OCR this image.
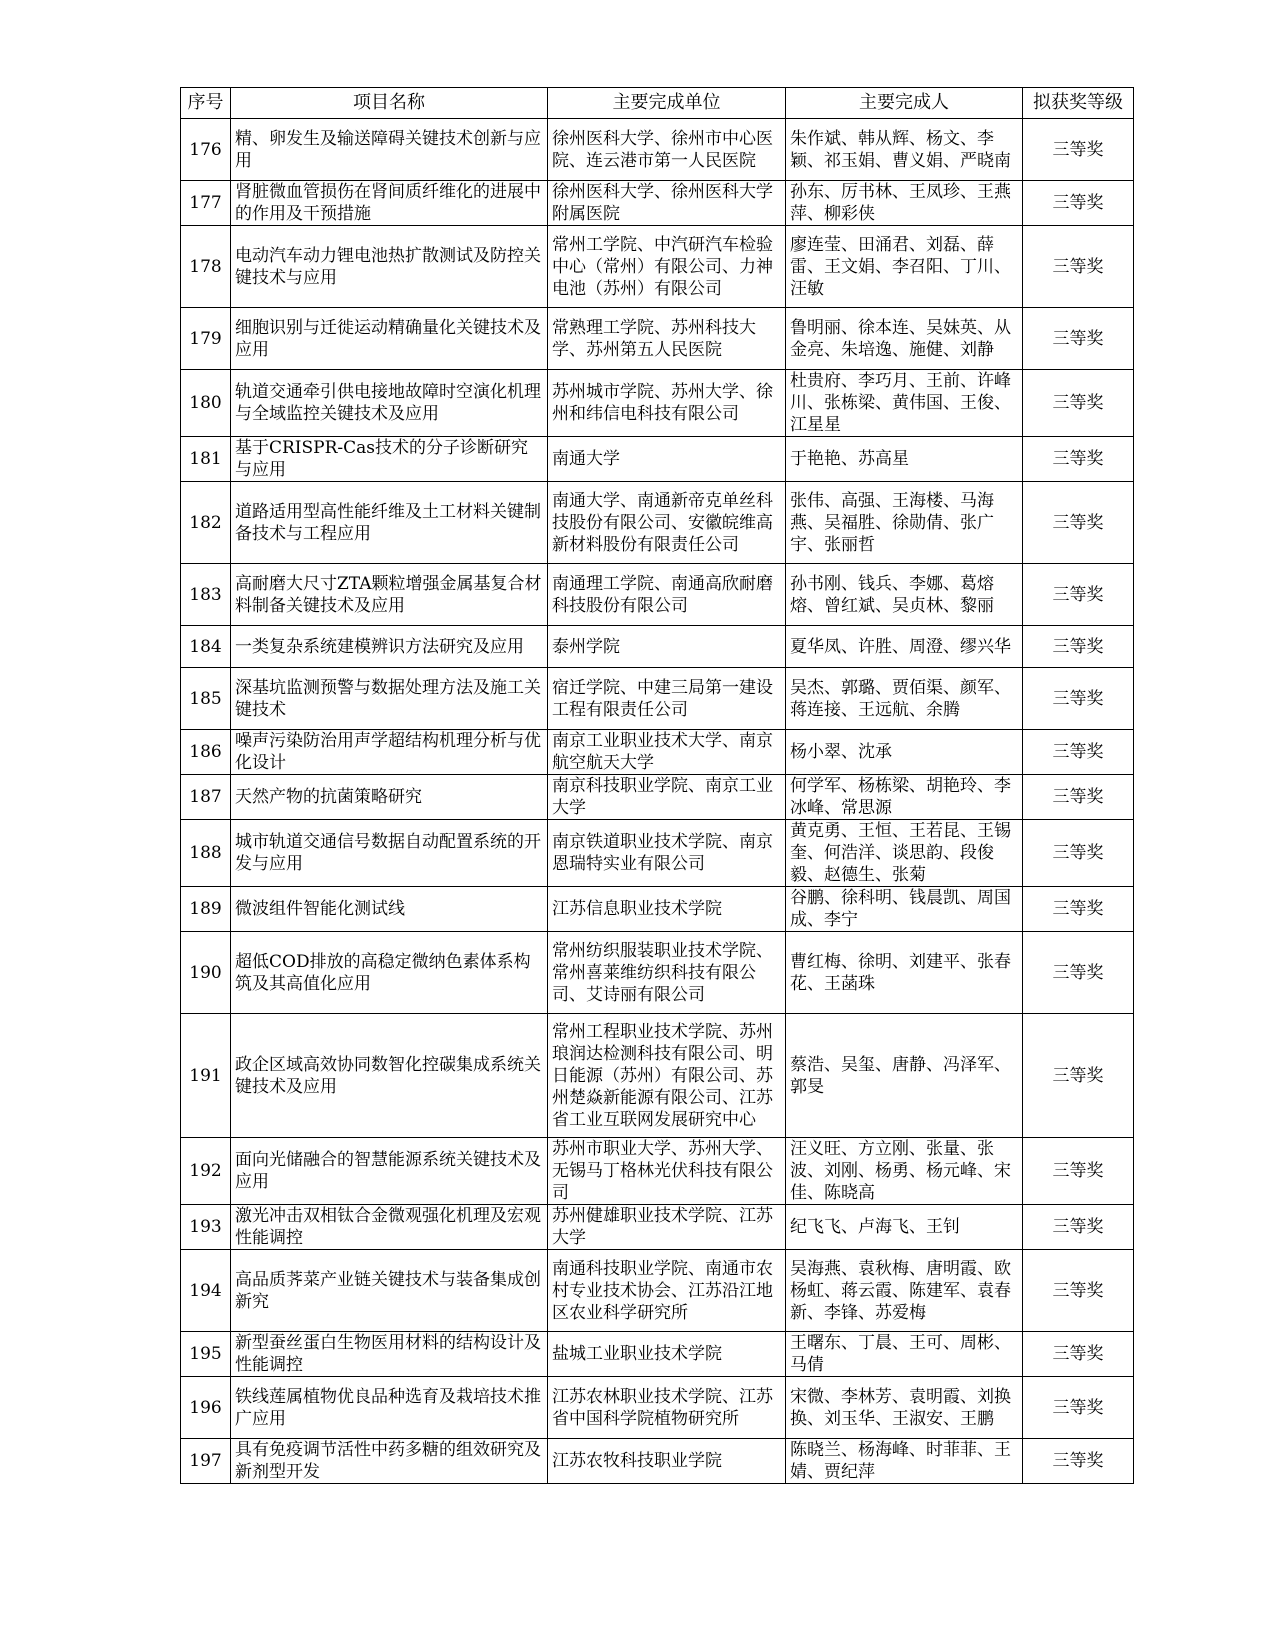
序号	项目名称	主要完成单位	主要完成人	拟获奖等级
176	精、卵发生及输送障碍关键技术创新与应用	徐州医科大学、徐州市中心医院、连云港市第一人民医院	朱作斌、韩从辉、杨文、李颖、祁玉娟、曹义娟、严晓南	三等奖
177	肾脏微血管损伤在肾间质纤维化的进展中的作用及干预措施	徐州医科大学、徐州医科大学附属医院	孙东、厉书林、王凤珍、王燕萍、柳彩侠	三等奖
178	电动汽车动力锂电池热扩散测试及防控关键技术与应用	常州工学院、中汽研汽车检验中心（常州）有限公司、力神电池（苏州）有限公司	廖连莹、田涌君、刘磊、薛雷、王文娟、李召阳、丁川、汪敏	三等奖
179	细胞识别与迁徙运动精确量化关键技术及应用	常熟理工学院、苏州科技大学、苏州第五人民医院	鲁明丽、徐本连、吴妹英、从金亮、朱培逸、施健、刘静	三等奖
180	轨道交通牵引供电接地故障时空演化机理与全域监控关键技术及应用	苏州城市学院、苏州大学、徐州和纬信电科技有限公司	杜贵府、李巧月、王前、许峰川、张栋梁、黄伟国、王俊、江星星	三等奖
181	基于CRISPR-Cas技术的分子诊断研究与应用	南通大学	于艳艳、苏高星	三等奖
182	道路适用型高性能纤维及土工材料关键制备技术与工程应用	南通大学、南通新帝克单丝科技股份有限公司、安徽皖维高新材料股份有限责任公司	张伟、高强、王海楼、马海燕、吴福胜、徐勋倩、张广宇、张丽哲	三等奖
183	高耐磨大尺寸ZTA颗粒增强金属基复合材料制备关键技术及应用	南通理工学院、南通高欣耐磨科技股份有限公司	孙书刚、钱兵、李娜、葛熔熔、曾红斌、吴贞林、黎丽	三等奖
184	一类复杂系统建模辨识方法研究及应用	泰州学院	夏华凤、许胜、周澄、缪兴华	三等奖
185	深基坑监测预警与数据处理方法及施工关键技术	宿迁学院、中建三局第一建设工程有限责任公司	吴杰、郭璐、贾佰渠、颜军、蒋连接、王远航、余腾	三等奖
186	噪声污染防治用声学超结构机理分析与优化设计	南京工业职业技术大学、南京航空航天大学	杨小翠、沈承	三等奖
187	天然产物的抗菌策略研究	南京科技职业学院、南京工业大学	何学军、杨栋梁、胡艳玲、李冰峰、常思源	三等奖
188	城市轨道交通信号数据自动配置系统的开发与应用	南京铁道职业技术学院、南京恩瑞特实业有限公司	黄克勇、王恒、王若昆、王锡奎、何浩洋、谈思韵、段俊毅、赵德生、张菊	三等奖
189	微波组件智能化测试线	江苏信息职业技术学院	谷鹏、徐科明、钱晨凯、周国成、李宁	三等奖
190	超低COD排放的高稳定微纳色素体系构筑及其高值化应用	常州纺织服装职业技术学院、常州喜莱维纺织科技有限公司、艾诗丽有限公司	曹红梅、徐明、刘建平、张春花、王菡珠	三等奖
191	政企区域高效协同数智化控碳集成系统关键技术及应用	常州工程职业技术学院、苏州琅润达检测科技有限公司、明日能源（苏州）有限公司、苏州楚焱新能源有限公司、江苏省工业互联网发展研究中心	蔡浩、吴玺、唐静、冯泽军、郭旻	三等奖
192	面向光储融合的智慧能源系统关键技术及应用	苏州市职业大学、苏州大学、无锡马丁格林光伏科技有限公司	汪义旺、方立刚、张量、张波、刘刚、杨勇、杨元峰、宋佳、陈晓高	三等奖
193	激光冲击双相钛合金微观强化机理及宏观性能调控	苏州健雄职业技术学院、江苏大学	纪飞飞、卢海飞、王钊	三等奖
194	高品质荠菜产业链关键技术与装备集成创新究	南通科技职业学院、南通市农村专业技术协会、江苏沿江地区农业科学研究所	吴海燕、袁秋梅、唐明霞、欧杨虹、蒋云霞、陈建军、袁春新、李锋、苏爱梅	三等奖
195	新型蚕丝蛋白生物医用材料的结构设计及性能调控	盐城工业职业技术学院	王曙东、丁晨、王可、周彬、马倩	三等奖
196	铁线莲属植物优良品种选育及栽培技术推广应用	江苏农林职业技术学院、江苏省中国科学院植物研究所	宋微、李林芳、袁明霞、刘换换、刘玉华、王淑安、王鹏	三等奖
197	具有免疫调节活性中药多糖的组效研究及新剂型开发	江苏农牧科技职业学院	陈晓兰、杨海峰、时菲菲、王婧、贾纪萍	三等奖
